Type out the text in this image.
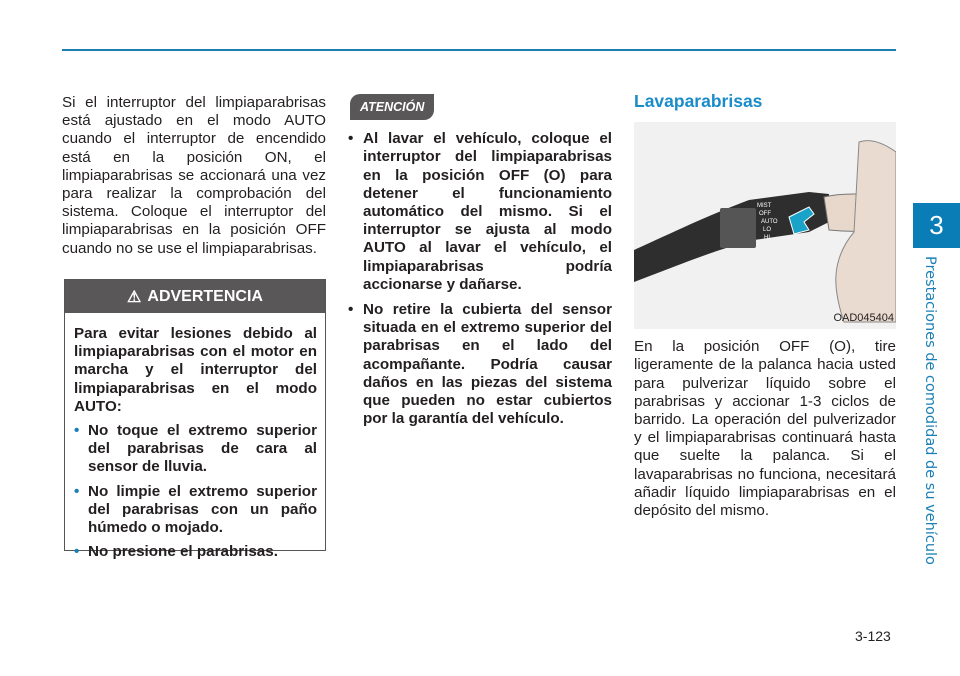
Si el interruptor del limpiaparabrisas está ajustado en el modo AUTO cuando el interruptor de encendido está en la posición ON, el limpiaparabrisas se accionará una vez para realizar la comprobación del sistema. Coloque el interruptor del limpiaparabrisas en la posición OFF cuando no se use el limpiaparabrisas.

⚠ ADVERTENCIA

Para evitar lesiones debido al limpiaparabrisas con el motor en marcha y el interruptor del limpiaparabrisas en el modo AUTO:

• No toque el extremo superior del parabrisas de cara al sensor de lluvia.
• No limpie el extremo superior del parabrisas con un paño húmedo o mojado.
• No presione el parabrisas.
ATENCIÓN
• Al lavar el vehículo, coloque el interruptor del limpiaparabrisas en la posición OFF (O) para detener el funcionamiento automático del mismo. Si el interruptor se ajusta al modo AUTO al lavar el vehículo, el limpiaparabrisas podría accionarse y dañarse.
• No retire la cubierta del sensor situada en el extremo superior del parabrisas en el lado del acompañante. Podría causar daños en las piezas del sistema que pueden no estar cubiertos por la garantía del vehículo.
Lavaparabrisas
MIST
OFF
AUTO
LO
HI
OAD045404

En la posición OFF (O), tire ligeramente de la palanca hacia usted para pulverizar líquido sobre el parabrisas y accionar 1-3 ciclos de barrido. La operación del pulverizador y el limpiaparabrisas continuará hasta que suelte la palanca. Si el lavaparabrisas no funciona, necesitará añadir líquido limpiaparabrisas en el depósito del mismo.

3
Prestaciones de comodidad de su vehículo
3-123
